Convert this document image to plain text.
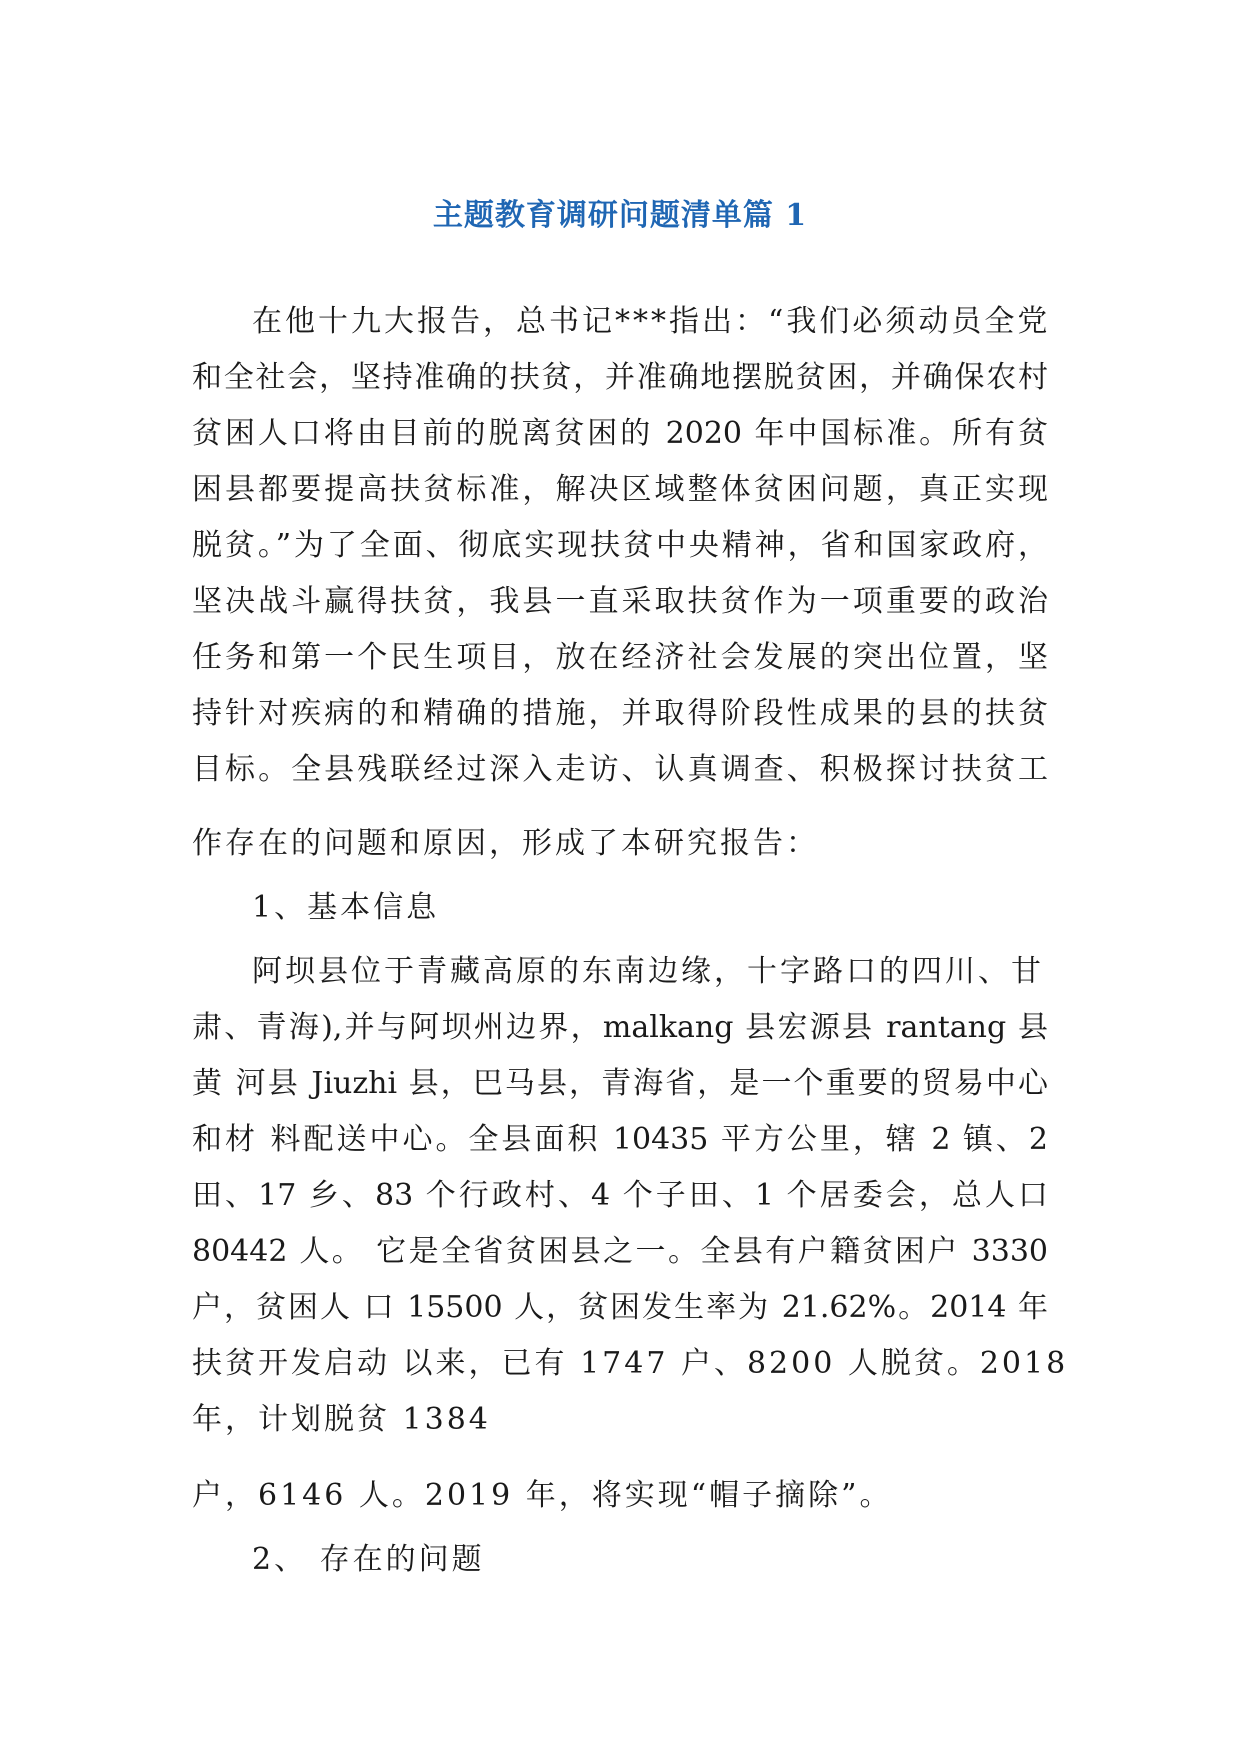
主题教育调研问题清单篇 1
在他十九大报告，总书记***指出：“我们必须动员全党
和全社会，坚持准确的扶贫，并准确地摆脱贫困，并确保农村
贫困人口将由目前的脱离贫困的 2020 年中国标准。所有贫
困县都要提高扶贫标准，解决区域整体贫困问题，真正实现
脱贫。”为了全面、彻底实现扶贫中央精神，省和国家政府，
坚决战斗赢得扶贫，我县一直采取扶贫作为一项重要的政治
任务和第一个民生项目，放在经济社会发展的突出位置，坚
持针对疾病的和精确的措施，并取得阶段性成果的县的扶贫
目标。全县残联经过深入走访、认真调查、积极探讨扶贫工
作存在的问题和原因，形成了本研究报告：
1、基本信息
阿坝县位于青藏高原的东南边缘，十字路口的四川、甘
肃、青海),并与阿坝州边界，malkang 县宏源县 rantang 县
黄 河县 Jiuzhi 县，巴马县，青海省，是一个重要的贸易中心
和材 料配送中心。全县面积 10435 平方公里，辖 2 镇、2
田、17 乡、83 个行政村、4 个子田、1 个居委会，总人口
80442 人。 它是全省贫困县之一。全县有户籍贫困户 3330
户，贫困人 口 15500 人，贫困发生率为 21.62%。2014 年
扶贫开发启动 以来，已有 1747 户、8200 人脱贫。2018
年，计划脱贫 1384
户，6146 人。2019 年，将实现“帽子摘除”。
2、 存在的问题
